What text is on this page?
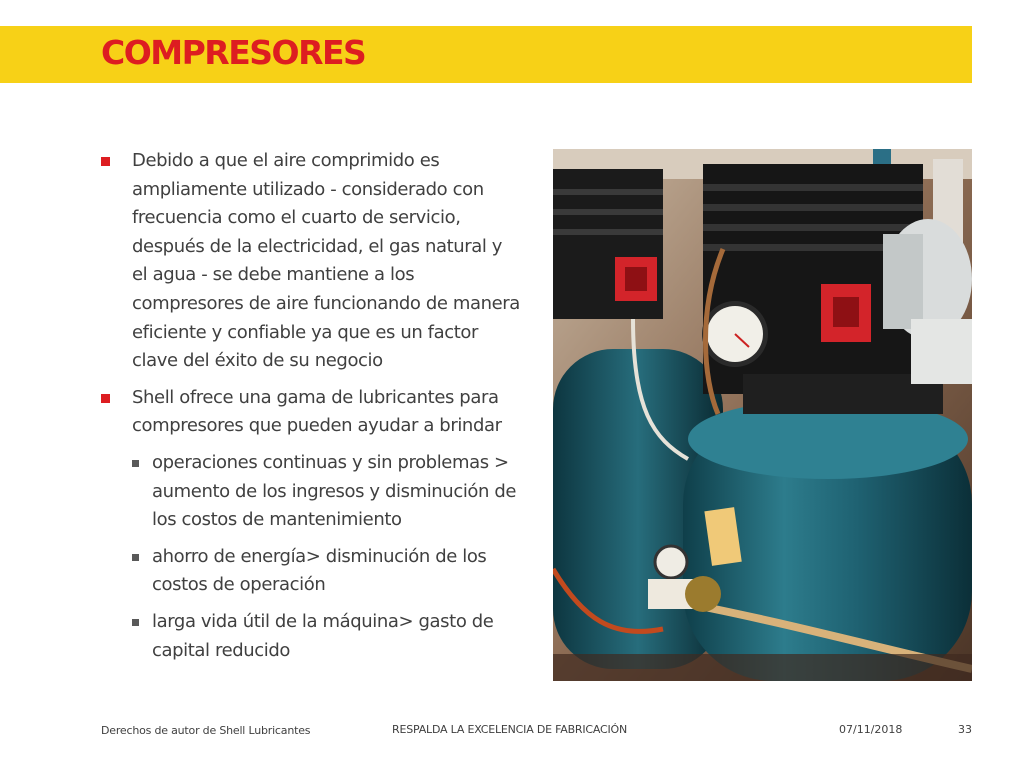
COMPRESORES
Debido a que el aire comprimido es ampliamente utilizado - considerado con frecuencia como el cuarto de servicio, después de la electricidad, el gas natural y el agua - se debe mantiene a los compresores de aire funcionando de manera eficiente y confiable ya que es un factor clave del éxito de su negocio
Shell ofrece una gama de lubricantes para compresores que pueden ayudar a brindar
operaciones continuas y sin problemas > aumento de los ingresos y disminución de los costos de mantenimiento
ahorro de energía> disminución de los costos de operación
larga vida útil de la máquina> gasto de capital reducido
Derechos de autor de Shell Lubricantes	RESPALDA LA EXCELENCIA DE FABRICACIÓN	07/11/2018	33
